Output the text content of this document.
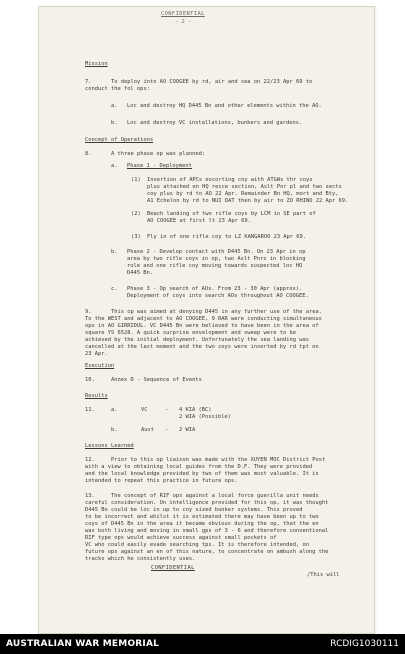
CONFIDENTIAL

- 2 -

Mission

7.	To deploy into AO COOGEE by rd, air and sea on 22/23 Apr 69 to

conduct the fol ops:

a. Loc and destroy HQ D445 Bn and other elements within the AO.

b. Loc and destroy VC installations, bunkers and gardens.

Concept of Operations

8.	A three phase op was planned:

a. Phase 1 - Deployment

(1) Insertion of APCs escorting coy with ATGWs thr coys

plus attached en HQ recce section, Aslt Pnr pl and two sects

coy plus by rd to AO 22 Apr. Remainder Bn HQ, mort and Bty,

A1 Echelon by rd to NUI DAT then by air to ZO RHINO 22 Apr 69.

(2) Beach landing of two rifle coys by LCM in SE part of

AO COOGEE at first lt 23 Apr 69.

(3) Fly in of one rifle coy to LZ KANGAROO 23 Apr 69.

b. Phase 2 - Develop contact with D445 Bn. On 23 Apr in op

area by two rifle coys in op, two Aslt Pnrs in blocking

role and one rifle coy moving towards suspected loc HQ

D445 Bn.

c. Phase 3 - Op search of AOs. From 23 - 30 Apr (approx).

Deployment of coys into search AOs throughout AO COOGEE.

9.	This op was aimed at denying D445 in any further use of the area.

To the WEST and adjacent to AO COOGEE, 9 RAR were conducting simultaneous

ops in AO GIRRIDUL. VC D445 Bn were believed to have been in the area of

square YS 6528. A quick surprise envelopment and sweep were to be

achieved by the initial deployment. Unfortunately the sea landing was

cancelled at the last moment and the two coys were inserted by rd tpt on

23 Apr.

Execution

10.	Annex D - Sequence of Events

Results

11.	a.	VC	- 4 KIA (BC)

2 WIA (Possible)

b.	Aust - 2 WIA

Lessons Learned

12.	Prior to this op liaison was made with the XUYEN MOC District Post

with a view to obtaining local guides from the D.F. They were provided

and the local knowledge provided by two of them was most valuable. It is

intended to repeat this practice in future ops.

13.	The concept of RIF ops against a local force guerilla unit needs

careful consideration. On intelligence provided for this op, it was thought

D445 Bn could be loc in up to coy sized bunker systems. This proved

to be incorrect and whilst it is estimated there may have been up to two

coys of D445 Bn in the area it became obvious during the op, that the en

was both living and moving in small gps of 3 - 6 and therefore conventional

RIF type ops would achieve success against small pockets of

VC who could easily evade searching tps. It is therefore intended, on

future ops against an en of this nature, to concentrate on ambush along the

tracks which he consistently uses.

CONFIDENTIAL

/This will

AUSTRALIAN WAR MEMORIAL	RCDIG1030111
